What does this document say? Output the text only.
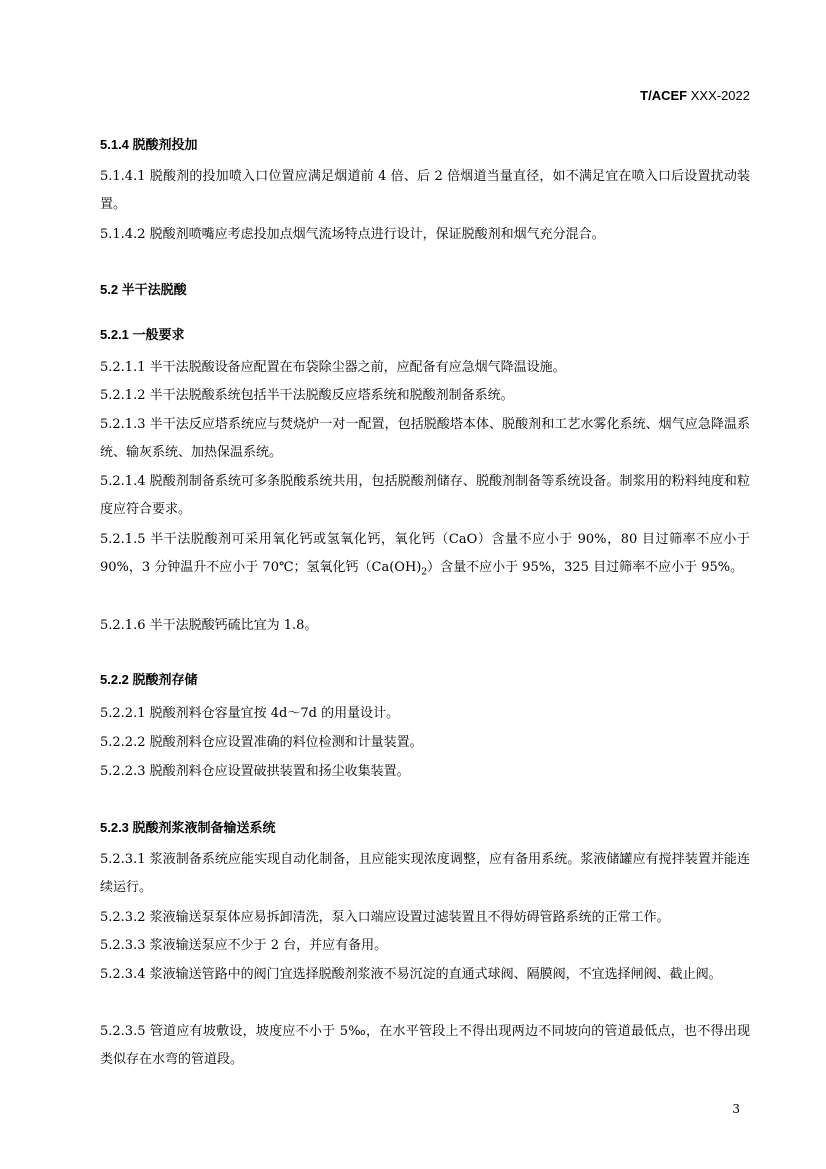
T/ACEF XXX-2022
5.1.4 脱酸剂投加
5.1.4.1 脱酸剂的投加喷入口位置应满足烟道前 4 倍、后 2 倍烟道当量直径，如不满足宜在喷入口后设置扰动装置。
5.1.4.2 脱酸剂喷嘴应考虑投加点烟气流场特点进行设计，保证脱酸剂和烟气充分混合。
5.2 半干法脱酸
5.2.1 一般要求
5.2.1.1 半干法脱酸设备应配置在布袋除尘器之前，应配备有应急烟气降温设施。
5.2.1.2 半干法脱酸系统包括半干法脱酸反应塔系统和脱酸剂制备系统。
5.2.1.3 半干法反应塔系统应与焚烧炉一对一配置，包括脱酸塔本体、脱酸剂和工艺水雾化系统、烟气应急降温系统、输灰系统、加热保温系统。
5.2.1.4 脱酸剂制备系统可多条脱酸系统共用，包括脱酸剂储存、脱酸剂制备等系统设备。制浆用的粉料纯度和粒度应符合要求。
5.2.1.5 半干法脱酸剂可采用氧化钙或氢氧化钙，氧化钙（CaO）含量不应小于 90%，80 目过筛率不应小于 90%，3 分钟温升不应小于 70℃；氢氧化钙$(Ca(OH)_2)$含量不应小于 95%，325 目过筛率不应小于 95%。
5.2.1.6 半干法脱酸钙硫比宜为 1.8。
5.2.2 脱酸剂存储
5.2.2.1 脱酸剂料仓容量宜按 4d～7d 的用量设计。
5.2.2.2 脱酸剂料仓应设置准确的料位检测和计量装置。
5.2.2.3 脱酸剂料仓应设置破拱装置和扬尘收集装置。
5.2.3 脱酸剂浆液制备输送系统
5.2.3.1 浆液制备系统应能实现自动化制备，且应能实现浓度调整，应有备用系统。浆液储罐应有搅拌装置并能连续运行。
5.2.3.2 浆液输送泵泵体应易拆卸清洗，泵入口端应设置过滤装置且不得妨碍管路系统的正常工作。
5.2.3.3 浆液输送泵应不少于 2 台，并应有备用。
5.2.3.4 浆液输送管路中的阀门宜选择脱酸剂浆液不易沉淀的直通式球阀、隔膜阀，不宜选择闸阀、截止阀。
5.2.3.5 管道应有坡敷设，坡度应不小于 5‰，在水平管段上不得出现两边不同坡向的管道最低点，也不得出现类似存在水弯的管道段。
3
